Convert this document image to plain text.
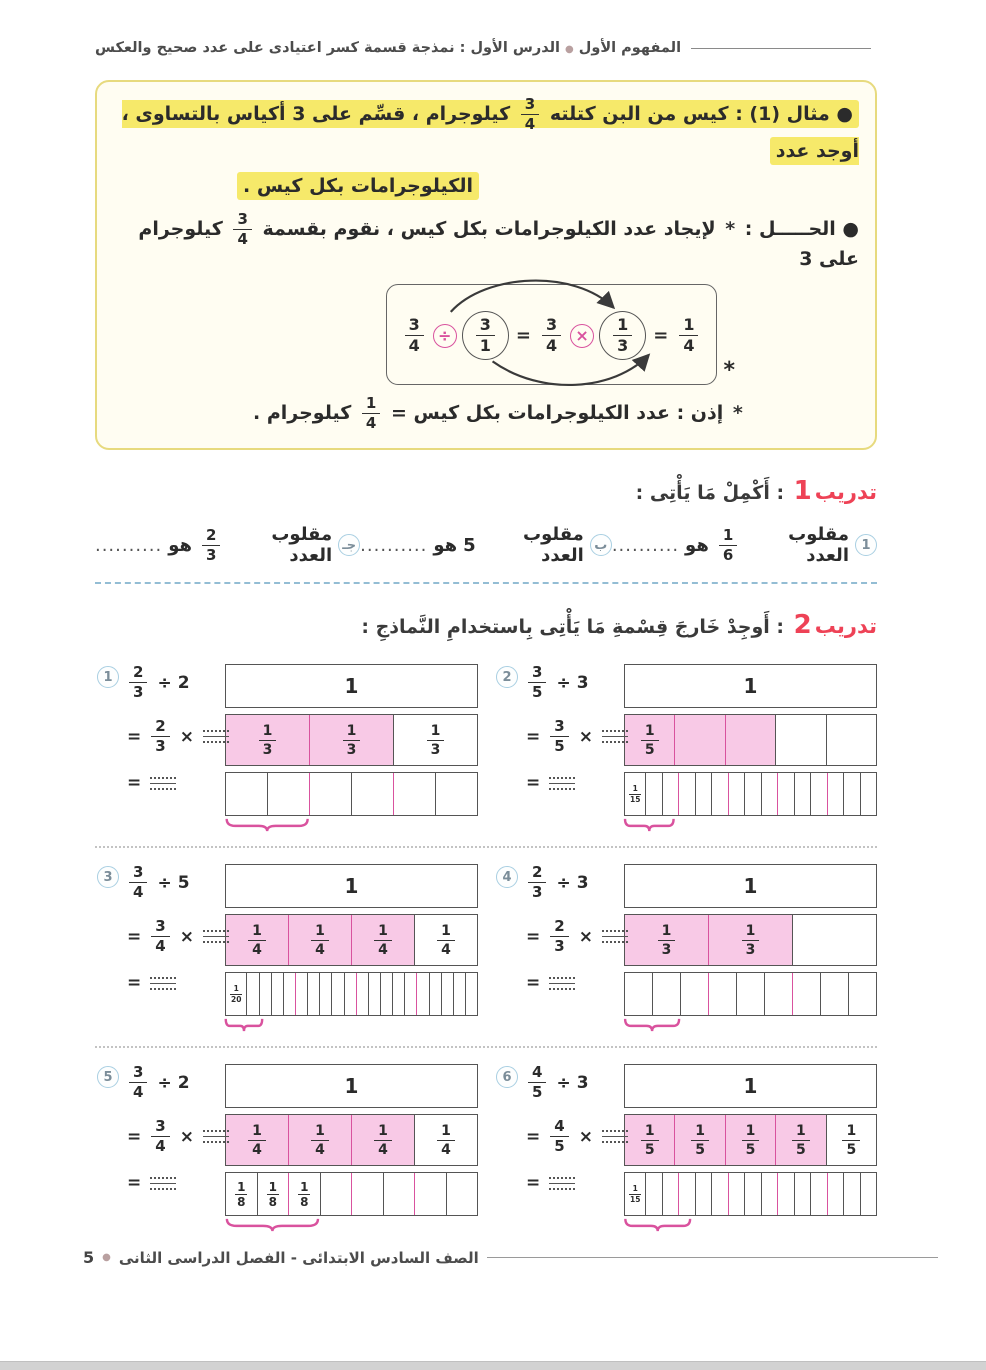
المفهوم الأول●الدرس الأول : نمذجة قسمة كسر اعتيادى على عدد صحيح والعكس
● مثال (1) : كيس من البن كتلته
$\frac{3}{4}$
كيلوجرام ، قسِّم على 3 أكياس بالتساوى ، أوجد عدد
الكيلوجرامات بكل كيس .
● الحـــــل : * لإيجاد عدد الكيلوجرامات بكل كيس ، نقوم بقسمة
$\frac{3}{4}$
كيلوجرام على 3
$\frac{3}{4}$ ÷	$\frac{3}{1} = \frac{3}{4}$ ×	$\frac{1}{3} = \frac{1}{4}$
*
* إذن : عدد الكيلوجرامات بكل كيس =
$\frac{1}{4}$
كيلوجرام .
تدريب1 : أَكْمِلْ مَا يَأْتِى :
1
مقلوب العدد
$\frac{1}{6}$
هو
..........
ب
مقلوب العدد
5
هو
..........
جـ
مقلوب العدد
$\frac{2}{3}$
هو
..........
تدريب2 : أَوجِدْ خَارجَ قِسْمةِ مَا يَأْتِى بِاستخدامِ النَّماذجِ :
1	$\frac{2}{3} \div 2$
= $\frac{2}{3}$ ×
=
1
$\frac{1}{3}$	$\frac{1}{3}$	$\frac{1}{3}$
2	$\frac{3}{5} \div 3$
= $\frac{3}{5}$ ×
=
1
$\frac{1}{5}$
$\frac{1}{15}$
3	$\frac{3}{4} \div 5$
= $\frac{3}{4}$ ×
=
1
$\frac{1}{4}$	$\frac{1}{4}$	$\frac{1}{4}$	$\frac{1}{4}$
$\frac{1}{20}$
4	$\frac{2}{3} \div 3$
= $\frac{2}{3}$ ×
=
1
$\frac{1}{3}$	$\frac{1}{3}$
5	$\frac{3}{4} \div 2$
= $\frac{3}{4}$ ×
=
1
$\frac{1}{4}$	$\frac{1}{4}$	$\frac{1}{4}$	$\frac{1}{4}$
$\frac{1}{8} \frac{1}{8} \frac{1}{8}$
6	$\frac{4}{5} \div 3$
= $\frac{4}{5}$ ×
=
1
$\frac{1}{5} \frac{1}{5} \frac{1}{5} \frac{1}{5} \frac{1}{5}$
$\frac{1}{15}$
الصف السادس الابتدائى - الفصل الدراسى الثانى
●
5
